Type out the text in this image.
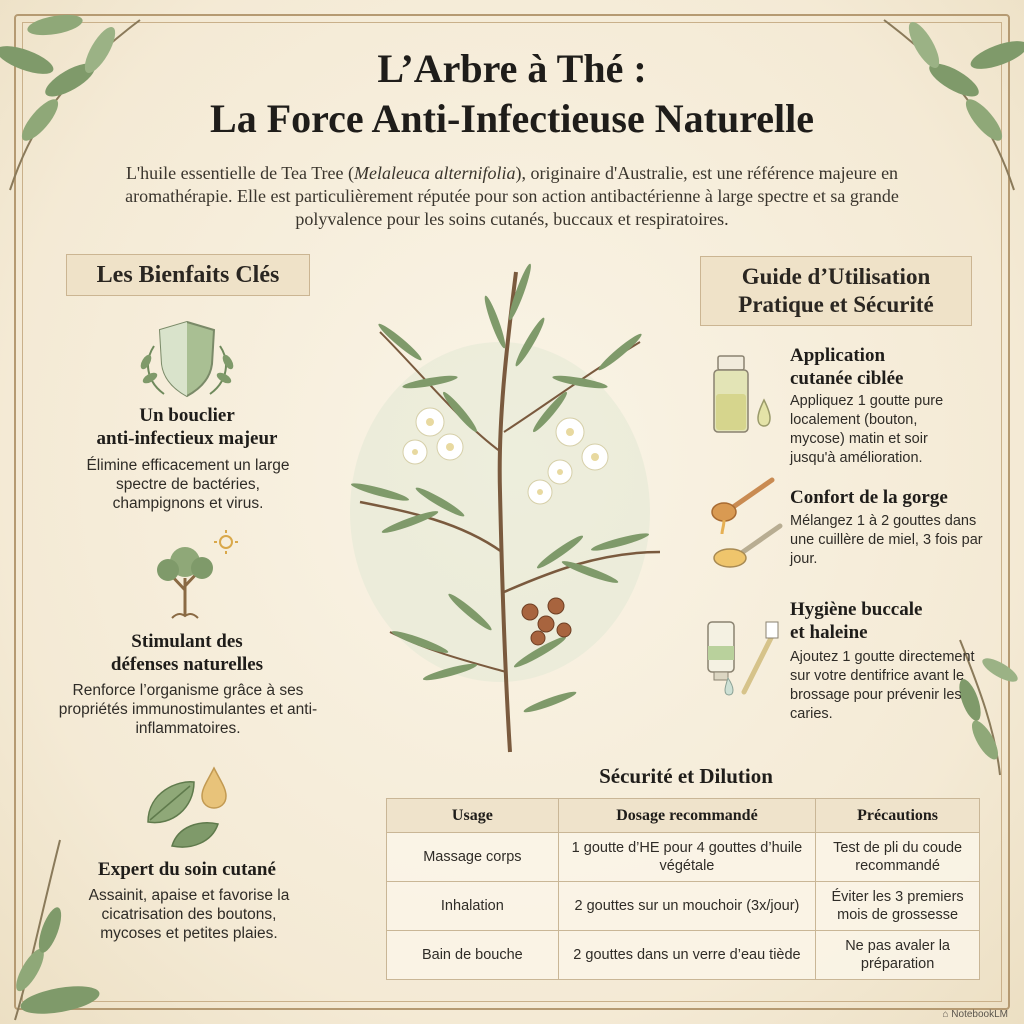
L’Arbre à Thé :
La Force Anti-Infectieuse Naturelle
L'huile essentielle de Tea Tree (Melaleuca alternifolia), originaire d'Australie, est une référence majeure en aromathérapie. Elle est particulièrement réputée pour son action antibactérienne à large spectre et sa grande polyvalence pour les soins cutanés, buccaux et respiratoires.
Les Bienfaits Clés
Un bouclier
anti-infectieux majeur
Élimine efficacement un large spectre de bactéries, champignons et virus.
Stimulant des
défenses naturelles
Renforce l’organisme grâce à ses propriétés immunostimulantes et anti-inflammatoires.
Expert du soin cutané
Assainit, apaise et favorise la cicatrisation des boutons, mycoses et petites plaies.
Guide d’Utilisation
Pratique et Sécurité
Application
cutanée ciblée
Appliquez 1 goutte pure localement (bouton, mycose) matin et soir jusqu'à amélioration.
Confort de la gorge
Mélangez 1 à 2 gouttes dans une cuillère de miel, 3 fois par jour.
Hygiène buccale
et haleine
Ajoutez 1 goutte directement sur votre dentifrice avant le brossage pour prévenir les caries.
Sécurité et Dilution
Usage	Dosage recommandé	Précautions
Massage corps	1 goutte d’HE pour 4 gouttes d’huile végétale	Test de pli du coude recommandé
Inhalation	2 gouttes sur un mouchoir (3x/jour)	Éviter les 3 premiers mois de grossesse
Bain de bouche	2 gouttes dans un verre d’eau tiède	Ne pas avaler la préparation
⌂ NotebookLM
